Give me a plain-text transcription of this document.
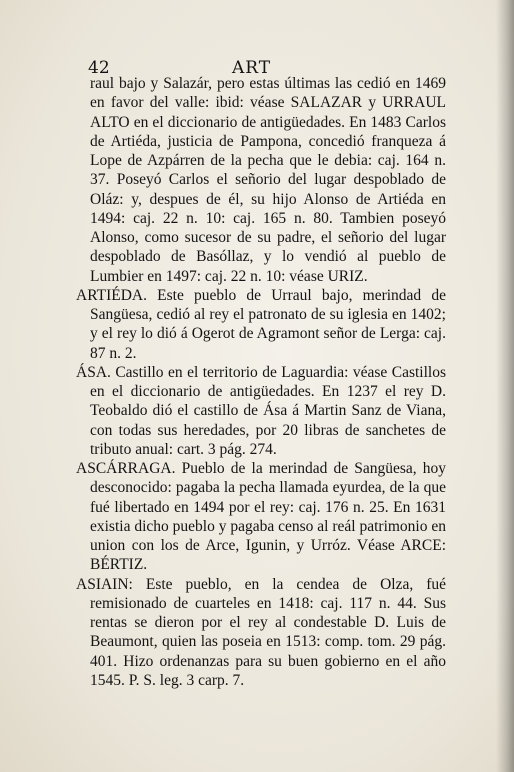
42	ART

raul bajo y Salazár, pero estas últimas las cedió en 1469 en favor del valle: ibid: véase SALAZAR y URRAUL ALTO en el diccionario de antigüedades. En 1483 Carlos de Artiéda, justicia de Pampona, concedió franqueza á Lope de Azpárren de la pecha que le debia: caj. 164 n. 37. Poseyó Carlos el señorio del lugar despoblado de Oláz: y, despues de él, su hijo Alonso de Artiéda en 1494: caj. 22 n. 10: caj. 165 n. 80. Tambien poseyó Alonso, como sucesor de su padre, el señorio del lugar despoblado de Basóllaz, y lo vendió al pueblo de Lumbier en 1497: caj. 22 n. 10: véase URIZ.

ARTIÉDA. Este pueblo de Urraul bajo, merindad de Sangüesa, cedió al rey el patronato de su iglesia en 1402; y el rey lo dió á Ogerot de Agramont señor de Lerga: caj. 87 n. 2.

ÁSA. Castillo en el territorio de Laguardia: véase Castillos en el diccionario de antigüedades. En 1237 el rey D. Teobaldo dió el castillo de Ása á Martin Sanz de Viana, con todas sus heredades, por 20 libras de sanchetes de tributo anual: cart. 3 pág. 274.

ASCÁRRAGA. Pueblo de la merindad de Sangüesa, hoy desconocido: pagaba la pecha llamada eyurdea, de la que fué libertado en 1494 por el rey: caj. 176 n. 25. En 1631 existia dicho pueblo y pagaba censo al reál patrimonio en union con los de Arce, Igunin, y Urróz. Véase ARCE: BÉRTIZ.

ASIAIN: Este pueblo, en la cendea de Olza, fué remisionado de cuarteles en 1418: caj. 117 n. 44. Sus rentas se dieron por el rey al condestable D. Luis de Beaumont, quien las poseia en 1513: comp. tom. 29 pág. 401. Hizo ordenanzas para su buen gobierno en el año 1545. P. S. leg. 3 carp. 7.
